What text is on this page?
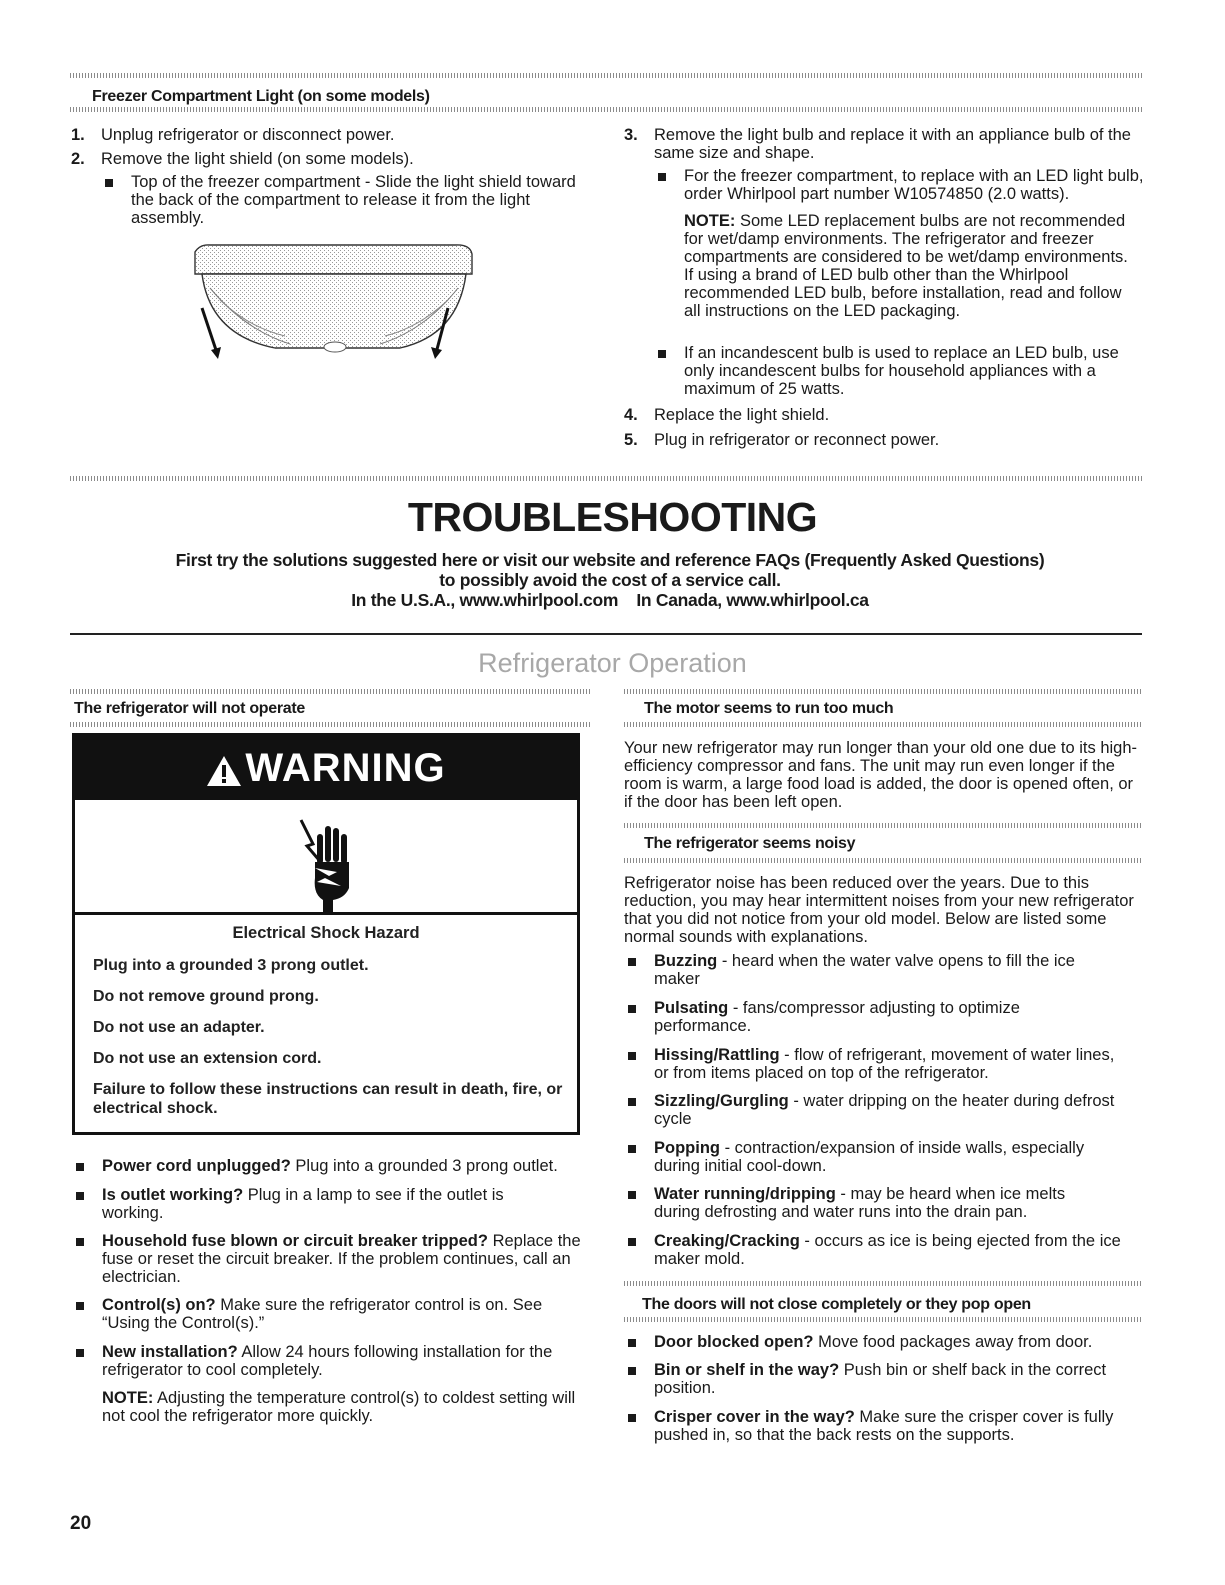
Freezer Compartment Light (on some models)
1. Unplug refrigerator or disconnect power.
2. Remove the light shield (on some models).
Top of the freezer compartment - Slide the light shield toward the back of the compartment to release it from the light assembly.
3. Remove the light bulb and replace it with an appliance bulb of the same size and shape.
For the freezer compartment, to replace with an LED light bulb, order Whirlpool part number W10574850 (2.0 watts).
NOTE: Some LED replacement bulbs are not recommended for wet/damp environments. The refrigerator and freezer compartments are considered to be wet/damp environments. If using a brand of LED bulb other than the Whirlpool recommended LED bulb, before installation, read and follow all instructions on the LED packaging.
If an incandescent bulb is used to replace an LED bulb, use only incandescent bulbs for household appliances with a maximum of 25 watts.
4. Replace the light shield.
5. Plug in refrigerator or reconnect power.
TROUBLESHOOTING
First try the solutions suggested here or visit our website and reference FAQs (Frequently Asked Questions)
to possibly avoid the cost of a service call.
In the U.S.A., www.whirlpool.com    In Canada, www.whirlpool.ca
Refrigerator Operation
The refrigerator will not operate
WARNING
Electrical Shock Hazard
Plug into a grounded 3 prong outlet.
Do not remove ground prong.
Do not use an adapter.
Do not use an extension cord.
Failure to follow these instructions can result in death, fire, or electrical shock.
Power cord unplugged? Plug into a grounded 3 prong outlet.
Is outlet working? Plug in a lamp to see if the outlet is working.
Household fuse blown or circuit breaker tripped? Replace the fuse or reset the circuit breaker. If the problem continues, call an electrician.
Control(s) on? Make sure the refrigerator control is on. See “Using the Control(s).”
New installation? Allow 24 hours following installation for the refrigerator to cool completely.
NOTE: Adjusting the temperature control(s) to coldest setting will not cool the refrigerator more quickly.
The motor seems to run too much
Your new refrigerator may run longer than your old one due to its high-efficiency compressor and fans. The unit may run even longer if the room is warm, a large food load is added, the door is opened often, or if the door has been left open.
The refrigerator seems noisy
Refrigerator noise has been reduced over the years. Due to this reduction, you may hear intermittent noises from your new refrigerator that you did not notice from your old model. Below are listed some normal sounds with explanations.
Buzzing - heard when the water valve opens to fill the ice maker
Pulsating - fans/compressor adjusting to optimize performance.
Hissing/Rattling - flow of refrigerant, movement of water lines, or from items placed on top of the refrigerator.
Sizzling/Gurgling - water dripping on the heater during defrost cycle
Popping - contraction/expansion of inside walls, especially during initial cool-down.
Water running/dripping - may be heard when ice melts during defrosting and water runs into the drain pan.
Creaking/Cracking - occurs as ice is being ejected from the ice maker mold.
The doors will not close completely or they pop open
Door blocked open? Move food packages away from door.
Bin or shelf in the way? Push bin or shelf back in the correct position.
Crisper cover in the way? Make sure the crisper cover is fully pushed in, so that the back rests on the supports.
20
